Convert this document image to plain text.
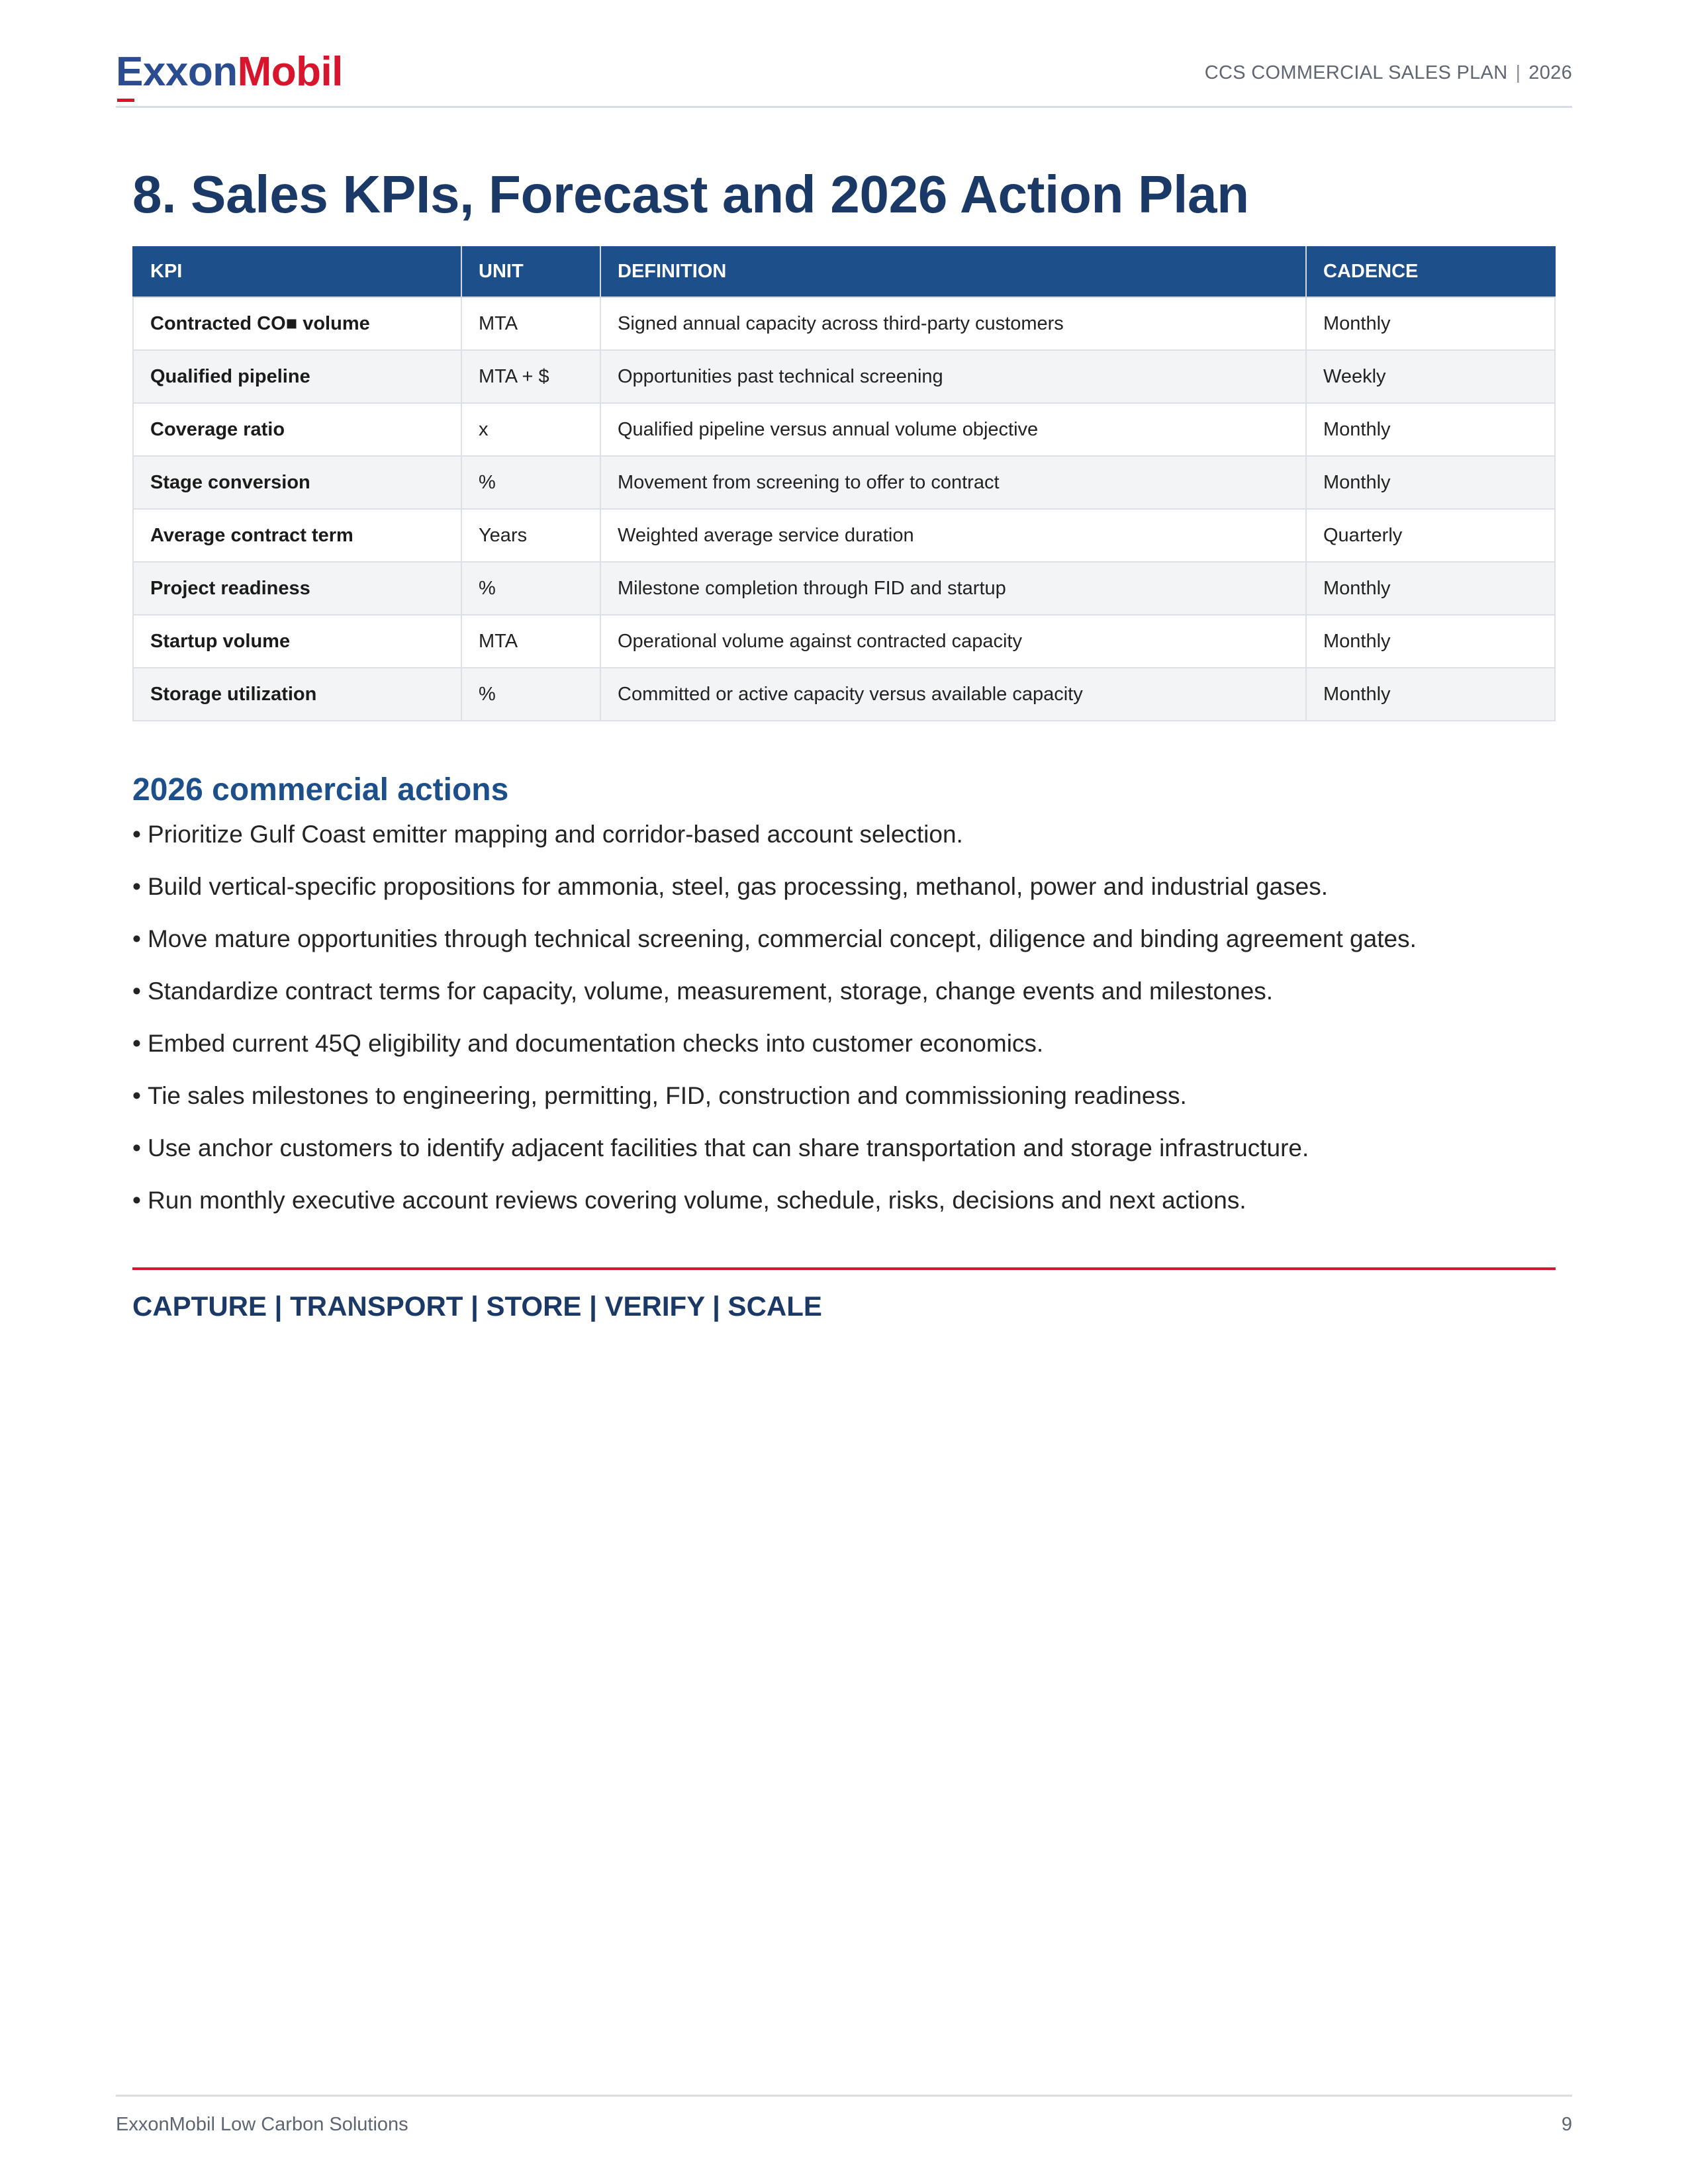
Exxon
Mobil	CCS COMMERCIAL SALES PLAN | 2026
8. Sales KPIs, Forecast and 2026 Action Plan
KPI	UNIT	DEFINITION	CADENCE
Contracted CO■ volume	MTA	Signed annual capacity across third-party customers	Monthly
Qualified pipeline	MTA + $	Opportunities past technical screening	Weekly
Coverage ratio	x	Qualified pipeline versus annual volume objective	Monthly
Stage conversion	%	Movement from screening to offer to contract	Monthly
Average contract term	Years	Weighted average service duration	Quarterly
Project readiness	%	Milestone completion through FID and startup	Monthly
Startup volume	MTA	Operational volume against contracted capacity	Monthly
Storage utilization	%	Committed or active capacity versus available capacity	Monthly
2026 commercial actions
• Prioritize Gulf Coast emitter mapping and corridor-based account selection.
• Build vertical-specific propositions for ammonia, steel, gas processing, methanol, power and industrial gases.
• Move mature opportunities through technical screening, commercial concept, diligence and binding agreement gates.
• Standardize contract terms for capacity, volume, measurement, storage, change events and milestones.
• Embed current 45Q eligibility and documentation checks into customer economics.
• Tie sales milestones to engineering, permitting, FID, construction and commissioning readiness.
• Use anchor customers to identify adjacent facilities that can share transportation and storage infrastructure.
• Run monthly executive account reviews covering volume, schedule, risks, decisions and next actions.
CAPTURE | TRANSPORT | STORE | VERIFY | SCALE
ExxonMobil Low Carbon Solutions	9
